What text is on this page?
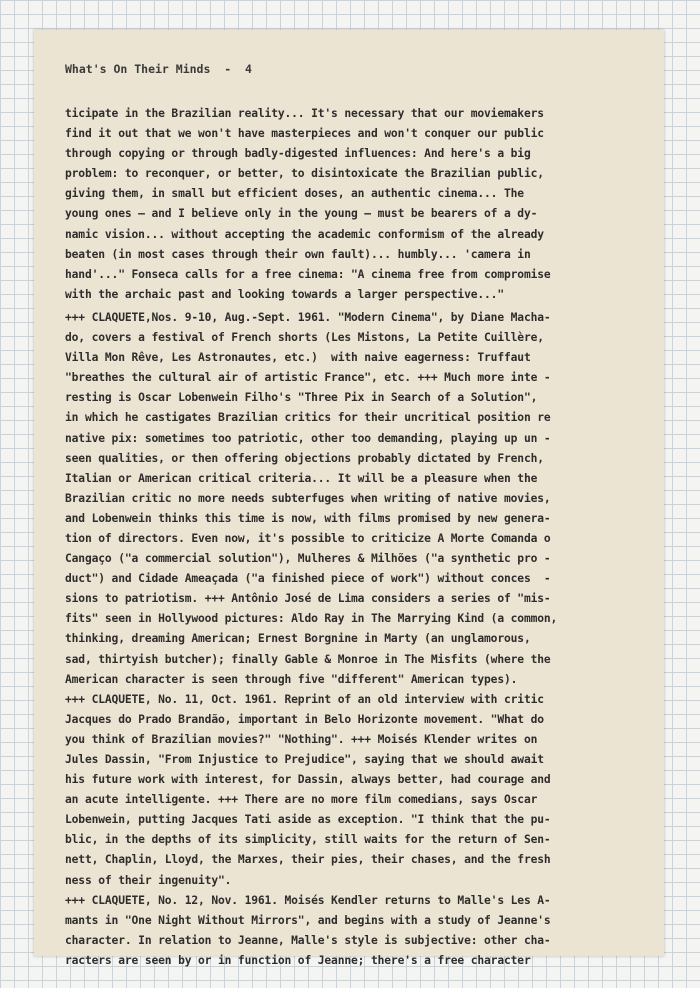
What's On Their Minds  -  4
ticipate in the Brazilian reality... It's necessary that our moviemakers
find it out that we won't have masterpieces and won't conquer our public
through copying or through badly-digested influences: And here's a big
problem: to reconquer, or better, to disintoxicate the Brazilian public,
giving them, in small but efficient doses, an authentic cinema... The
young ones — and I believe only in the young — must be bearers of a dy-
namic vision... without accepting the academic conformism of the already
beaten (in most cases through their own fault)... humbly... 'camera in
hand'..." Fonseca calls for a free cinema: "A cinema free from compromise
with the archaic past and looking towards a larger perspective..."
+++ CLAQUETE,Nos. 9-10, Aug.-Sept. 1961. "Modern Cinema", by Diane Macha-
do, covers a festival of French shorts (Les Mistons, La Petite Cuillère,
Villa Mon Rêve, Les Astronautes, etc.)  with naive eagerness: Truffaut
"breathes the cultural air of artistic France", etc. +++ Much more inte -
resting is Oscar Lobenwein Filho's "Three Pix in Search of a Solution",
in which he castigates Brazilian critics for their uncritical position re
native pix: sometimes too patriotic, other too demanding, playing up un -
seen qualities, or then offering objections probably dictated by French,
Italian or American critical criteria... It will be a pleasure when the
Brazilian critic no more needs subterfuges when writing of native movies,
and Lobenwein thinks this time is now, with films promised by new genera-
tion of directors. Even now, it's possible to criticize A Morte Comanda o
Cangaço ("a commercial solution"), Mulheres & Milhões ("a synthetic pro -
duct") and Cidade Ameaçada ("a finished piece of work") without conces  -
sions to patriotism. +++ Antônio José de Lima considers a series of "mis-
fits" seen in Hollywood pictures: Aldo Ray in The Marrying Kind (a common,
thinking, dreaming American; Ernest Borgnine in Marty (an unglamorous,
sad, thirtyish butcher); finally Gable & Monroe in The Misfits (where the
American character is seen through five "different" American types).
+++ CLAQUETE, No. 11, Oct. 1961. Reprint of an old interview with critic
Jacques do Prado Brandão, important in Belo Horizonte movement. "What do
you think of Brazilian movies?" "Nothing". +++ Moisés Klender writes on
Jules Dassin, "From Injustice to Prejudice", saying that we should await
his future work with interest, for Dassin, always better, had courage and
an acute intelligente. +++ There are no more film comedians, says Oscar
Lobenwein, putting Jacques Tati aside as exception. "I think that the pu-
blic, in the depths of its simplicity, still waits for the return of Sen-
nett, Chaplin, Lloyd, the Marxes, their pies, their chases, and the fresh
ness of their ingenuity".
+++ CLAQUETE, No. 12, Nov. 1961. Moisés Kendler returns to Malle's Les A-
mants in "One Night Without Mirrors", and begins with a study of Jeanne's
character. In relation to Jeanne, Malle's style is subjective: other cha-
racters are seen by or in function of Jeanne; there's a free character
